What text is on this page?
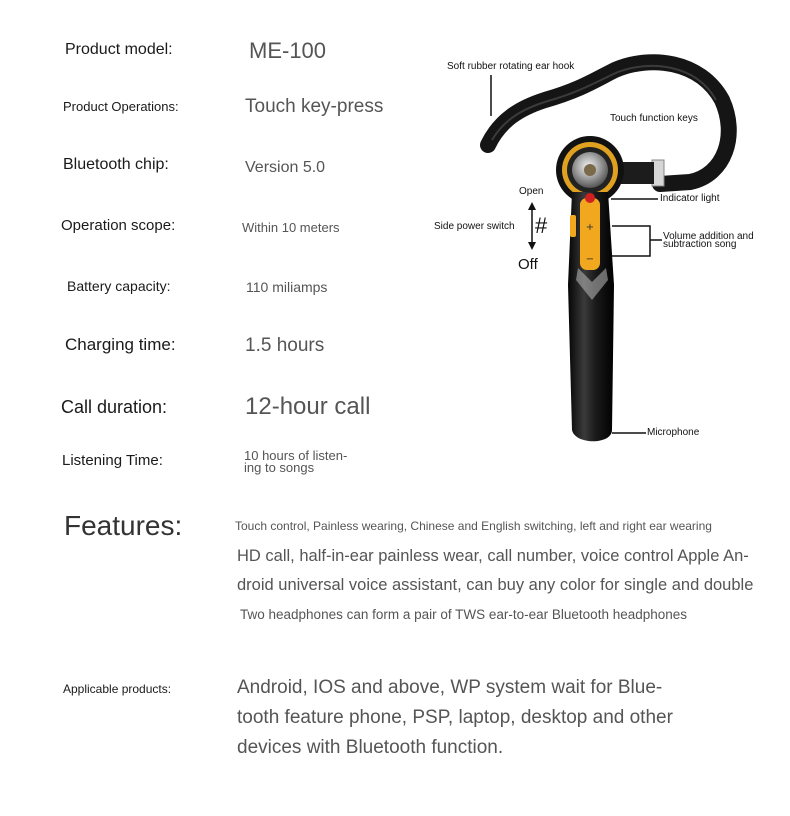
Product model:	ME-100
Product Operations:	Touch key-press
Bluetooth chip:	Version 5.0
Operation scope:	Within 10 meters
Battery capacity:	110 miliamps
Charging time:	1.5 hours
Call duration:	12-hour call
Listening Time:	10 hours of listen-
ing to songs
Features:	Touch control, Painless wearing, Chinese and English switching, left and right ear wearing
HD call, half-in-ear painless wear, call number, voice control Apple An-
droid universal voice assistant, can buy any color for single and double
Two headphones can form a pair of TWS ear-to-ear Bluetooth headphones
Applicable products:	Android, IOS and above, WP system wait for Blue-
tooth feature phone, PSP, laptop, desktop and other
devices with Bluetooth function.
+
−
Soft rubber rotating ear hook
Touch function keys
Open
Indicator light
Side power switch #	Volume addition and
subtraction song
Off
Microphone
